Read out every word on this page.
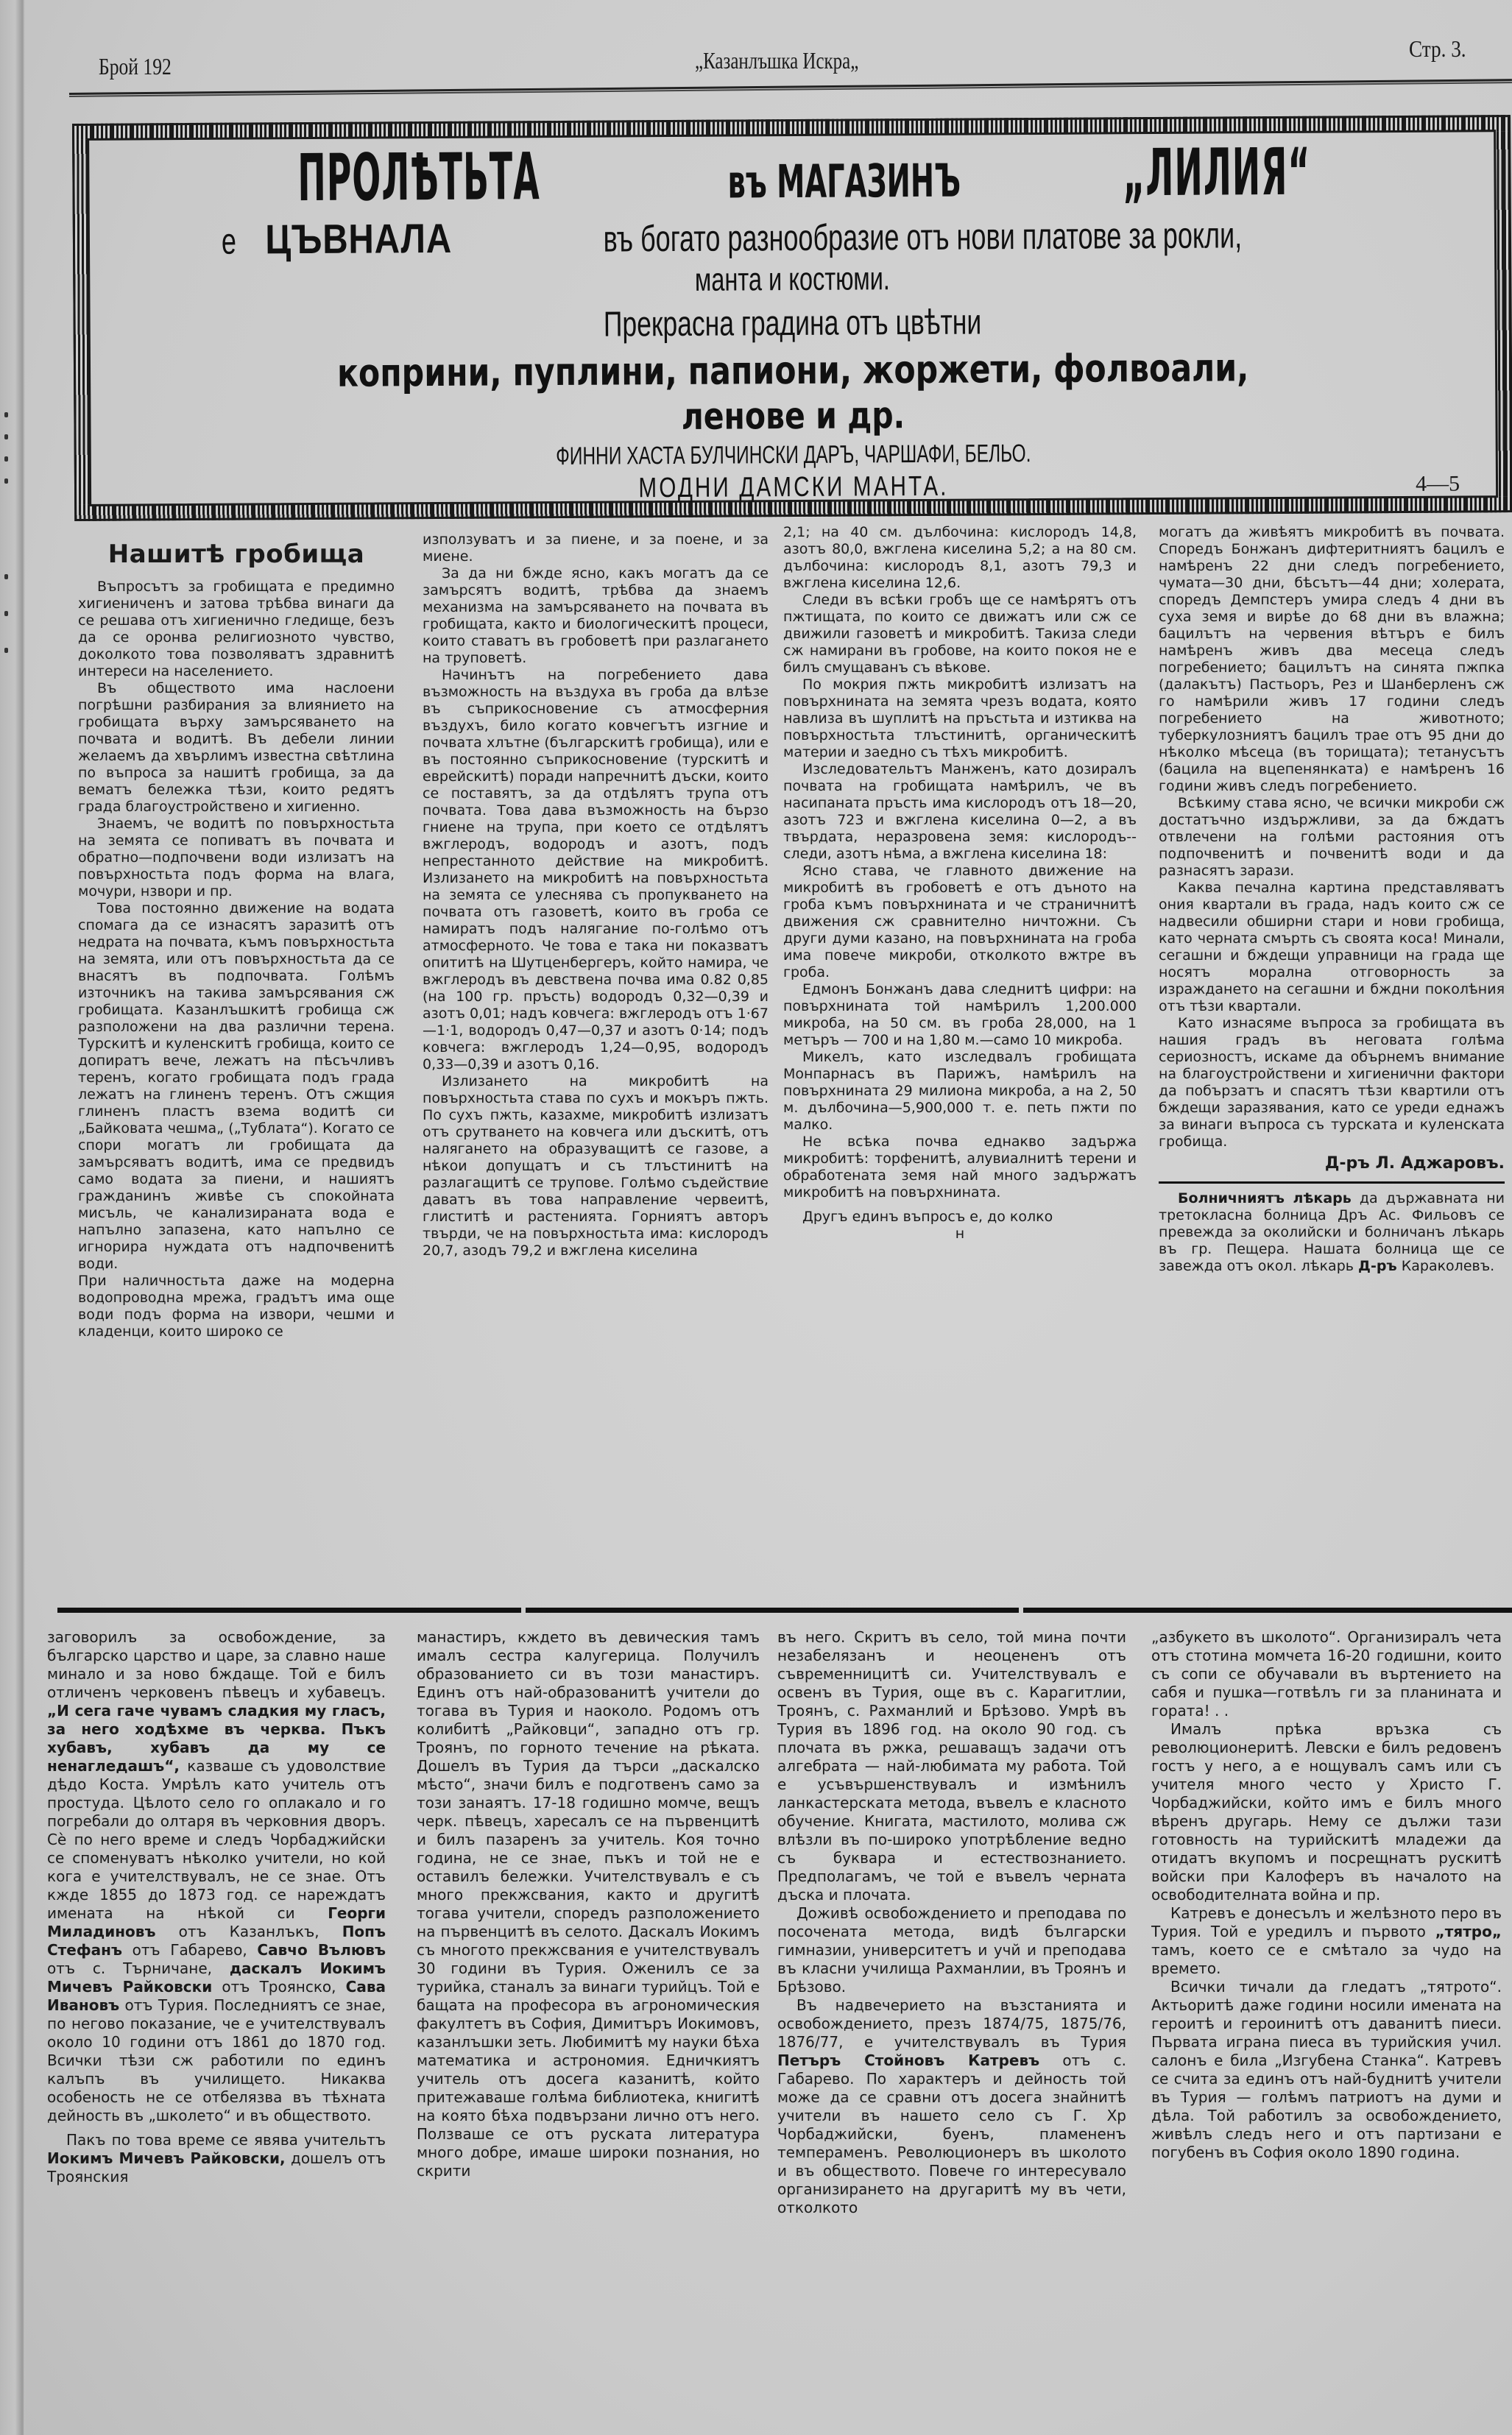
Брой 192	„Казанлъшка Искра„	Стр. 3.
ПРОЛѢТЬТА	въ МАГАЗИНЪ „ЛИЛИЯ“
е ЦЪВНАЛА	въ богато разнообразие отъ нови платове за рокли,
манта и костюми.
Прекрасна градина отъ цвѣтни
коприни, пуплини, папиони, жоржети, фолвоали,
ленове и др.
ФИННИ ХАСТА БУЛЧИНСКИ ДАРЪ, ЧАРШАФИ, БЕЛЬО.
МОДНИ ДАМСКИ МАНТА.	4—5
Нашитѣ гробища

Въпросътъ за гробищата е предимно хигиениченъ и затова трѣбва винаги да се решава отъ хигиенично гледище, безъ да се оронва религиозното чувство, доколкото това позволяватъ здравнитѣ интереси на населението.

Въ обществото има наслоени погрѣшни разбирания за влиянието на гробищата върху замърсяването на почвата и водитѣ. Въ дебели линии желаемъ да хвърлимъ известна свѣтлина по въпроса за нашитѣ гробища, за да вематъ бележка тѣзи, които редятъ града благоустройствено и хигиенно.

Знаемъ, че водитѣ по повърхностьта на земята се попиватъ въ почвата и обратно—подпочвени води излизатъ на повърхностьта подъ форма на влага, мочури, нзвори и пр.

Това постоянно движение на водата спомага да се изнасятъ заразитѣ отъ недрата на почвата, къмъ повърхностьта на земята, или отъ повърхностьта да се внасятъ въ подпочвата. Голѣмъ източникъ на такива замърсявания сж гробищата. Казанлъшкитѣ гробища сж разположени на два различни терена. Турскитѣ и куленскитѣ гробища, които се допиратъ вече, лежатъ на пѣсъчливъ теренъ, когато гробищата подъ града лежатъ на глиненъ теренъ. Отъ сжщия глиненъ пластъ взема водитѣ си „Байковата чешма„ („Тублата“). Когато се спори могатъ ли гробищата да замърсяватъ водитѣ, има се предвидъ само водата за пиени, и нашиятъ гражданинъ живѣе съ спокойната мисъль, че канализираната вода е напълно запазена, като напълно се игнорира нуждата отъ надпочвенитѣ води.

При наличностьта даже на модерна водопроводна мрежа, градътъ има още води подъ форма на извори, чешми и кладенци, които широко се

използуватъ и за пиене, и за поене, и за миене.

За да ни бжде ясно, какъ могатъ да се замърсятъ водитѣ, трѣбва да знаемъ механизма на замърсяването на почвата въ гробищата, както и биологическитѣ процеси, които ставатъ въ гробоветѣ при разлагането на труповетѣ.

Начинътъ на погребението дава възможность на въздуха въ гроба да влѣзе въ съприкосновение съ атмосферния въздухъ, било когато ковчегътъ изгние и почвата хлътне (българскитѣ гробища), или е въ постоянно съприкосновение (турскитѣ и еврейскитѣ) поради напречнитѣ дъски, които се поставятъ, за да отдѣлятъ трупа отъ почвата. Това дава възможность на бързо гниене на трупа, при което се отдѣлятъ вжглеродъ, водородъ и азотъ, подъ непрестанното действие на микробитѣ. Излизането на микробитѣ на повърхностьта на земята се улеснява съ пропукването на почвата отъ газоветѣ, които въ гроба се намиратъ подъ налягание по-голѣмо отъ атмосферното. Че това е така ни показватъ опититѣ на Шутценбергеръ, който намира, че вжглеродъ въ девствена почва има 0.82 0,85 (на 100 гр. пръсть) водородъ 0,32—0,39 и азотъ 0,01; надъ ковчега: вжглеродъ отъ 1·67—1·1, водородъ 0,47—0,37 и азотъ 0·14; подъ ковчега: вжглеродъ 1,24—0,95, водородъ 0,33—0,39 и азотъ 0,16.

Излизането на микробитѣ на повърхностьта става по сухъ и мокъръ пжть. По сухъ пжть, казахме, микробитѣ излизатъ отъ срутването на ковчега или дъскитѣ, отъ налягането на образуващитѣ се газове, а нѣкои допущатъ и съ тлъстинитѣ на разлагащитѣ се трупове. Голѣмо съдействие даватъ въ това направление червеитѣ, глиститѣ и растенията. Горниятъ авторъ твърди, че на повърхностьта има: кислородъ 20,7, азодъ 79,2 и вжглена киселина

2,1; на 40 см. дълбочина: кислородъ 14,8, азотъ 80,0, вжглена киселина 5,2; а на 80 см. дълбочина: кислородъ 8,1, азотъ 79,3 и вжглена киселина 12,6.

Следи въ всѣки гробъ ще се намѣрятъ отъ пжтищата, по които се движатъ или сж се движили газоветѣ и микробитѣ. Такиза следи сж намирани въ гробове, на които покоя не е билъ смущаванъ съ вѣкове.

По мокрия пжть микробитѣ излизатъ на повърхнината на земята чрезъ водата, която навлиза въ шуплитѣ на пръстьта и изтиква на повърхностьта тлъстинитѣ, органическитѣ материи и заедно съ тѣхъ микробитѣ.

Изследовательтъ Манженъ, като дозиралъ почвата на гробищата намѣрилъ, че въ насипаната пръсть има кислородъ отъ 18—20, азотъ 723 и вжглена киселина 0—2, а въ твърдата, неразровена земя: кислородъ--следи, азотъ нѣма, а вжглена киселина 18:

Ясно става, че главното движение на микробитѣ въ гробоветѣ е отъ дъното на гроба къмъ повърхнината и че страничнитѣ движения сж сравнително ничтожни. Съ други думи казано, на повърхнината на гроба има повече микроби, отколкото вжтре въ гроба.

Едмонъ Бонжанъ дава следнитѣ цифри: на повърхнината той намѣрилъ 1,200.000 микроба, на 50 см. въ гроба 28,000, на 1 метъръ — 700 и на 1,80 м.—само 10 микроба.

Микелъ, като изследвалъ гробищата Монпарнасъ въ Парижъ, намѣрилъ на повърхнината 29 милиона микроба, а на 2, 50 м. дълбочина—5,900,000 т. е. петь пжти по малко.

Не всѣка почва еднакво задържа микробитѣ: торфенитѣ, алувиалнитѣ терени и обработената земя най много задържатъ микробитѣ на повърхнината.

Другъ единъ въпросъ е, до колко

н

могатъ да живѣятъ микробитѣ въ почвата. Споредъ Бонжанъ дифтеритниятъ бацилъ е намѣренъ 22 дни следъ погребението, чумата—30 дни, бѣсътъ—44 дни; холерата, споредъ Демпстеръ умира следъ 4 дни въ суха земя и вирѣе до 68 дни въ влажна; бацилътъ на червения вѣтъръ е билъ намѣренъ живъ два месеца следъ погребението; бацилътъ на синята пжпка (далакътъ) Пастьоръ, Рез и Шанберленъ сж го намѣрили живъ 17 години следъ погребението на животното; туберкулозниятъ бацилъ трае отъ 95 дни до нѣколко мѣсеца (въ торищата); тетанусътъ (бацила на вцепенянката) е намѣренъ 16 години живъ следъ погребението.

Всѣкиму става ясно, че всички микроби сж достатъчно издържливи, за да бждатъ отвлечени на голѣми растояния отъ подпочвенитѣ и почвенитѣ води и да разнасятъ зарази.

Каква печална картина представляватъ ония квартали въ града, надъ които сж се надвесили обширни стари и нови гробища, като черната смърть съ своята коса! Минали, сегашни и бждещи управници на града ще носятъ морална отговорность за израждането на сегашни и бждни поколѣния отъ тѣзи квартали.

Като изнасяме въпроса за гробищата въ нашия градъ въ неговата голѣма сериозностъ, искаме да обърнемъ внимание на благоустройствени и хигиенични фактори да побързатъ и спасятъ тѣзи квартили отъ бждещи заразявания, като се уреди еднажъ за винаги въпроса съ турската и куленската гробища.

Д-ръ Л. Аджаровъ.

Болничниятъ лѣкарь да държавната ни третокласна болница Дръ Ас. Фильовъ се превежда за околийски и болничанъ лѣкарь въ гр. Пещера. Нашата болница ще се завежда отъ окол. лѣкарь Д-ръ Караколевъ.

заговорилъ за освобождение, за българско царство и царе, за славно наше минало и за ново бждаще. Той е билъ отличенъ черковенъ пѣвецъ и хубавецъ. „И сега гаче чувамъ сладкия му гласъ, за него ходѣхме въ черква. Пъкъ хубавъ, хубавъ да му се ненагледашъ“, казваше съ удоволствие дѣдо Коста. Умрѣлъ като учитель отъ простуда. Цѣлото село го оплакало и го погребали до олтаря въ черковния дворъ. Сѐ по него време и следъ Чорбаджийски се споменуватъ нѣколко учители, но кой кога е учителствувалъ, не се знае. Отъ кжде 1855 до 1873 год. се нареждатъ имената на нѣкой си Георги Миладиновъ отъ Казанлъкъ, Попъ Стефанъ отъ Габарево, Савчо Вълювъ отъ с. Търничане, даскалъ Иокимъ Мичевъ Райковски отъ Троянско, Сава Ивановъ отъ Турия. Последниятъ се знае, по негово показание, че е учителствувалъ около 10 години отъ 1861 до 1870 год. Всички тѣзи сж работили по единъ калъпъ въ училището. Никаква особеность не се отбелязва въ тѣхната дейность въ „школето“ и въ обществото.

Пакъ по това време се явява учительтъ Иокимъ Мичевъ Райковски, дошелъ отъ Троянския

манастиръ, кждето въ девическия тамъ ималъ сестра калугерица. Получилъ образованието си въ този манастиръ. Единъ отъ най-образованитѣ учители до тогава въ Турия и наоколо. Родомъ отъ колибитѣ „Райковци“, западно отъ гр. Троянъ, по горното течение на рѣката. Дошелъ въ Турия да търси „даскалско мѣсто“, значи билъ е подготвенъ само за този занаятъ. 17-18 годишно момче, вещъ черк. пѣвецъ, харесалъ се на първенцитѣ и билъ пазаренъ за учитель. Коя точно година, не се знае, пъкъ и той не е оставилъ бележки. Учителствувалъ е съ много прекжсвания, както и другитѣ тогава учители, споредъ разположението на първенцитѣ въ селото. Даскалъ Иокимъ съ многото прекжсвания е учителствувалъ 30 години въ Турия. Оженилъ се за турийка, станалъ за винаги турийцъ. Той е бащата на професора въ агрономическия факултетъ въ София, Димитъръ Иокимовъ, казанлъшки зеть. Любимитѣ му науки бѣха математика и астрономия. Едничкиятъ учитель отъ досега казанитѣ, който притежаваше голѣма библиотека, книгитѣ на която бѣха подвързани лично отъ него. Ползваше се отъ руската литература много добре, имаше широки познания, но скрити

въ него. Скритъ въ село, той мина почти незабелязанъ и неоцененъ отъ съвременницитѣ си. Учителствувалъ е освенъ въ Турия, още въ с. Карагитлии, Троянъ, с. Рахманлий и Брѣзово. Умрѣ въ Турия въ 1896 год. на около 90 год. съ плочата въ ржка, решаващъ задачи отъ алгебрата — най-любимата му работа. Той е усъвършенствувалъ и измѣнилъ ланкастерската метода, въвелъ е класното обучение. Книгата, мастилото, молива сж влѣзли въ по-широко употрѣбление ведно съ буквара и естествознанието. Предполагамъ, че той е въвелъ черната дъска и плочата.

Доживѣ освобождението и преподава по посочената метода, видѣ български гимназии, университетъ и учй и преподава въ класни училища Рахманлии, въ Троянъ и Брѣзово.

Въ надвечерието на възстанията и освобождението, презъ 1874/75, 1875/76, 1876/77, е учителствувалъ въ Турия Петъръ Стойновъ Катревъ отъ с. Габарево. По характеръ и дейность той може да се сравни отъ досега знайнитѣ учители въ нашето село съ Г. Хр Чорбаджийски, буенъ, пламененъ темпераменъ. Революционеръ въ школото и въ обществото. Повече го интересувало организирането на другаритѣ му въ чети, отколкото

„азбукето въ школото“. Организиралъ чета отъ стотина момчета 16-20 годишни, които съ сопи се обучавали въ въртението на сабя и пушка—готвѣлъ ги за планината и гората! . .

Ималъ прѣка връзка съ революционеритѣ. Левски е билъ редовенъ гостъ у него, а е нощувалъ самъ или съ учителя много често у Христо Г. Чорбаджийски, който имъ е билъ много вѣренъ другарь. Нему се дължи тази готовность на турийскитѣ младежи да отидатъ вкупомъ и посрещнатъ рускитѣ войски при Калоферъ въ началото на освободителната война и пр.

Катревъ е донесълъ и желѣзното перо въ Турия. Той е уредилъ и първото „тятро„ тамъ, което се е смѣтало за чудо на времето.

Всички тичали да гледатъ „тятрото“. Актьоритѣ даже години носили имената на героитѣ и героинитѣ отъ даванитѣ пиеси. Първата играна пиеса въ турийския учил. салонъ е била „Изгубена Станка“. Катревъ се счита за единъ отъ най-буднитѣ учители въ Турия — голѣмъ патриотъ на думи и дѣла. Той работилъ за освобождението, живѣлъ следъ него и отъ партизани е погубенъ въ София около 1890 година.
